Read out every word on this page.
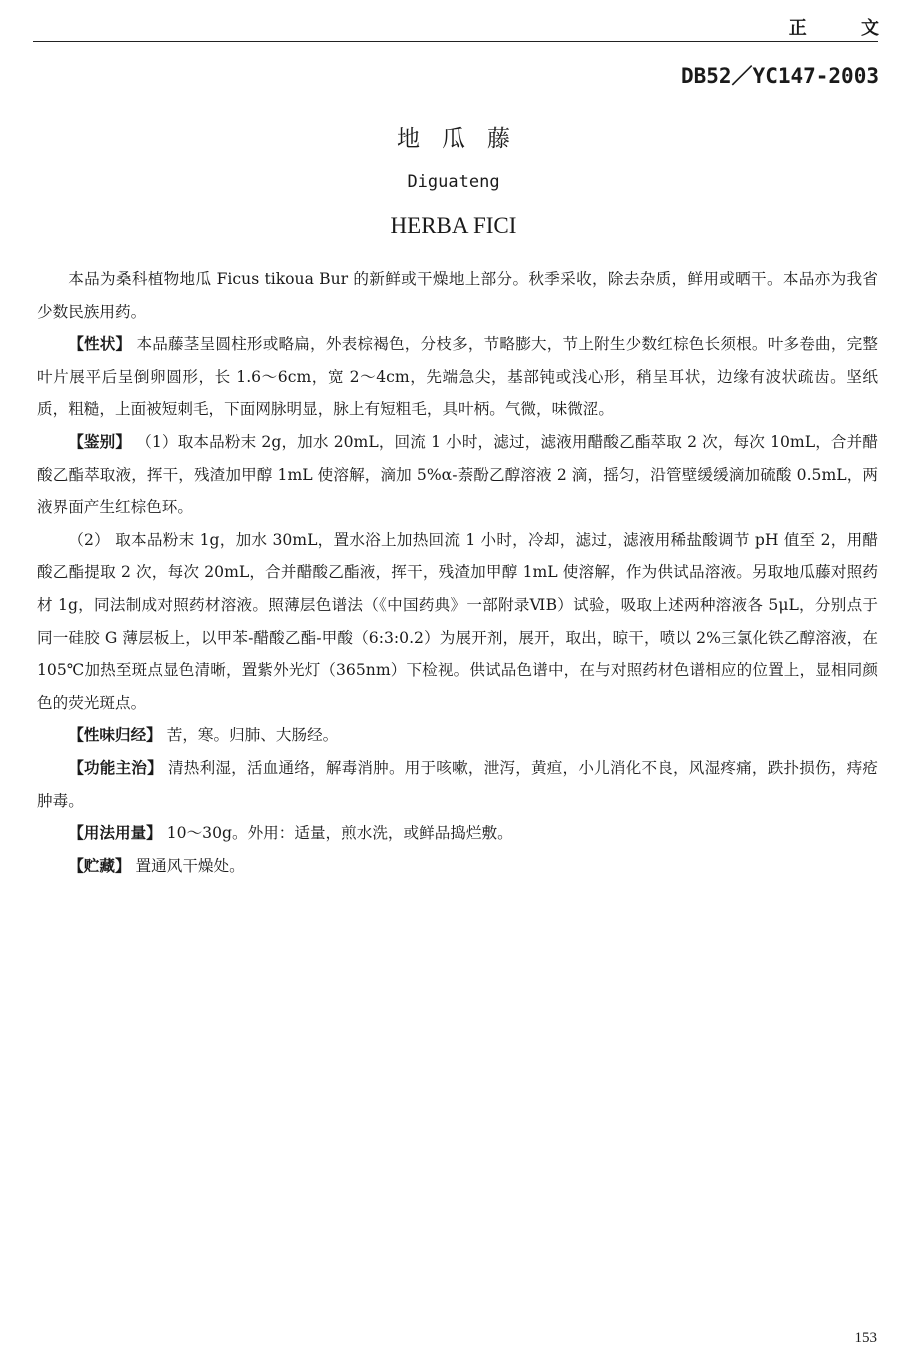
正 文
DB52／YC147-2003
地瓜藤
Diguateng
HERBA FICI

本品为桑科植物地瓜 Ficus tikoua Bur 的新鲜或干燥地上部分。秋季采收，除去杂质，鲜用或晒干。本品亦为我省少数民族用药。

【性状】 本品藤茎呈圆柱形或略扁，外表棕褐色，分枝多，节略膨大，节上附生少数红棕色长须根。叶多卷曲，完整叶片展平后呈倒卵圆形，长 1.6～6cm，宽 2～4cm，先端急尖，基部钝或浅心形，稍呈耳状，边缘有波状疏齿。坚纸质，粗糙，上面被短刺毛，下面网脉明显，脉上有短粗毛，具叶柄。气微，味微涩。

【鉴别】 （1）取本品粉末 2g，加水 20mL，回流 1 小时，滤过，滤液用醋酸乙酯萃取 2 次，每次 10mL，合并醋酸乙酯萃取液，挥干，残渣加甲醇 1mL 使溶解，滴加 5%α-萘酚乙醇溶液 2 滴，摇匀，沿管壁缓缓滴加硫酸 0.5mL，两液界面产生红棕色环。

（2） 取本品粉末 1g，加水 30mL，置水浴上加热回流 1 小时，冷却，滤过，滤液用稀盐酸调节 pH 值至 2，用醋酸乙酯提取 2 次，每次 20mL，合并醋酸乙酯液，挥干，残渣加甲醇 1mL 使溶解，作为供试品溶液。另取地瓜藤对照药材 1g，同法制成对照药材溶液。照薄层色谱法（《中国药典》一部附录ⅥB）试验，吸取上述两种溶液各 5μL，分别点于同一硅胶 G 薄层板上，以甲苯-醋酸乙酯-甲酸（6:3:0.2）为展开剂，展开，取出，晾干，喷以 2%三氯化铁乙醇溶液，在 105℃加热至斑点显色清晰，置紫外光灯（365nm）下检视。供试品色谱中，在与对照药材色谱相应的位置上，显相同颜色的荧光斑点。

【性味归经】 苦，寒。归肺、大肠经。

【功能主治】 清热利湿，活血通络，解毒消肿。用于咳嗽，泄泻，黄疸，小儿消化不良，风湿疼痛，跌扑损伤，痔疮肿毒。

【用法用量】 10～30g。外用：适量，煎水洗，或鲜品捣烂敷。

【贮藏】 置通风干燥处。

153
